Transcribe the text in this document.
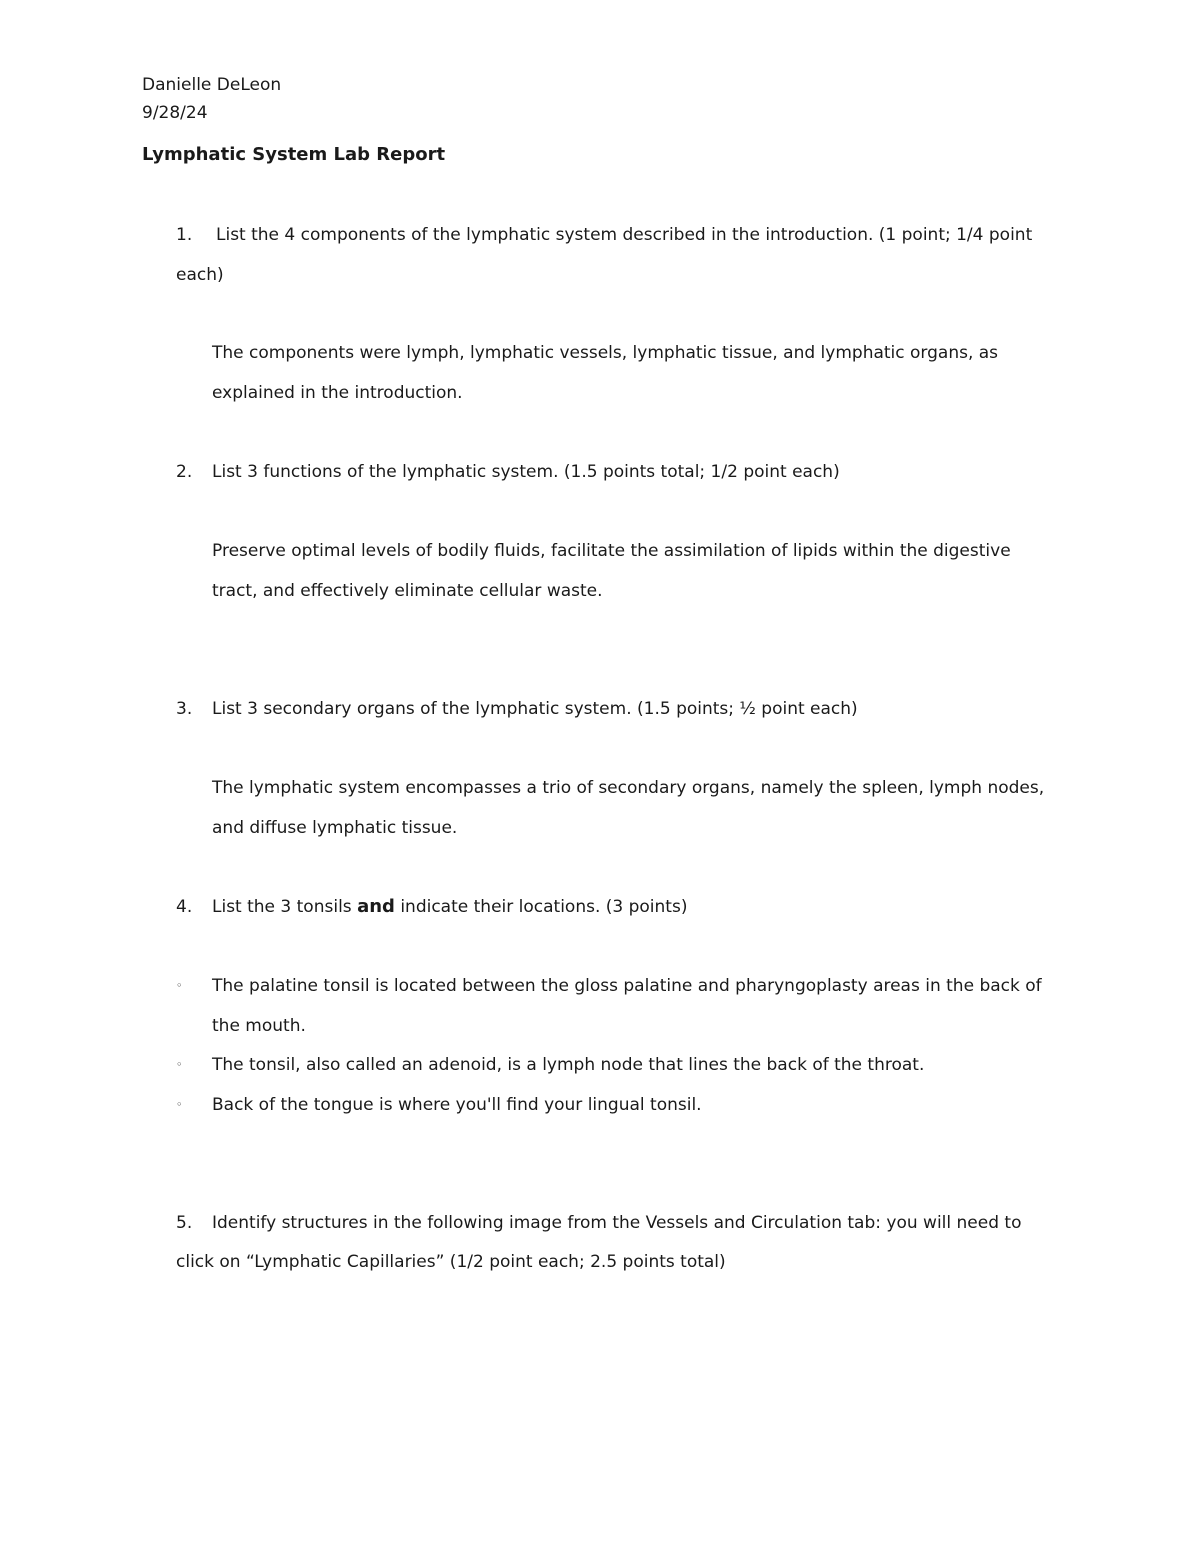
Danielle DeLeon
9/28/24
Lymphatic System Lab Report
1. List the 4 components of the lymphatic system described in the introduction. (1 point; 1/4 point
each)
The components were lymph, lymphatic vessels, lymphatic tissue, and lymphatic organs, as
explained in the introduction.
2. List 3 functions of the lymphatic system. (1.5 points total; 1/2 point each)
Preserve optimal levels of bodily fluids, facilitate the assimilation of lipids within the digestive
tract, and effectively eliminate cellular waste.
3. List 3 secondary organs of the lymphatic system. (1.5 points; ½ point each)
The lymphatic system encompasses a trio of secondary organs, namely the spleen, lymph nodes,
and diffuse lymphatic tissue.
4. List the 3 tonsils and indicate their locations. (3 points)
◦ The palatine tonsil is located between the gloss palatine and pharyngoplasty areas in the back of
the mouth.
◦ The tonsil, also called an adenoid, is a lymph node that lines the back of the throat.
◦ Back of the tongue is where you'll find your lingual tonsil.
5. Identify structures in the following image from the Vessels and Circulation tab: you will need to
click on “Lymphatic Capillaries” (1/2 point each; 2.5 points total)
